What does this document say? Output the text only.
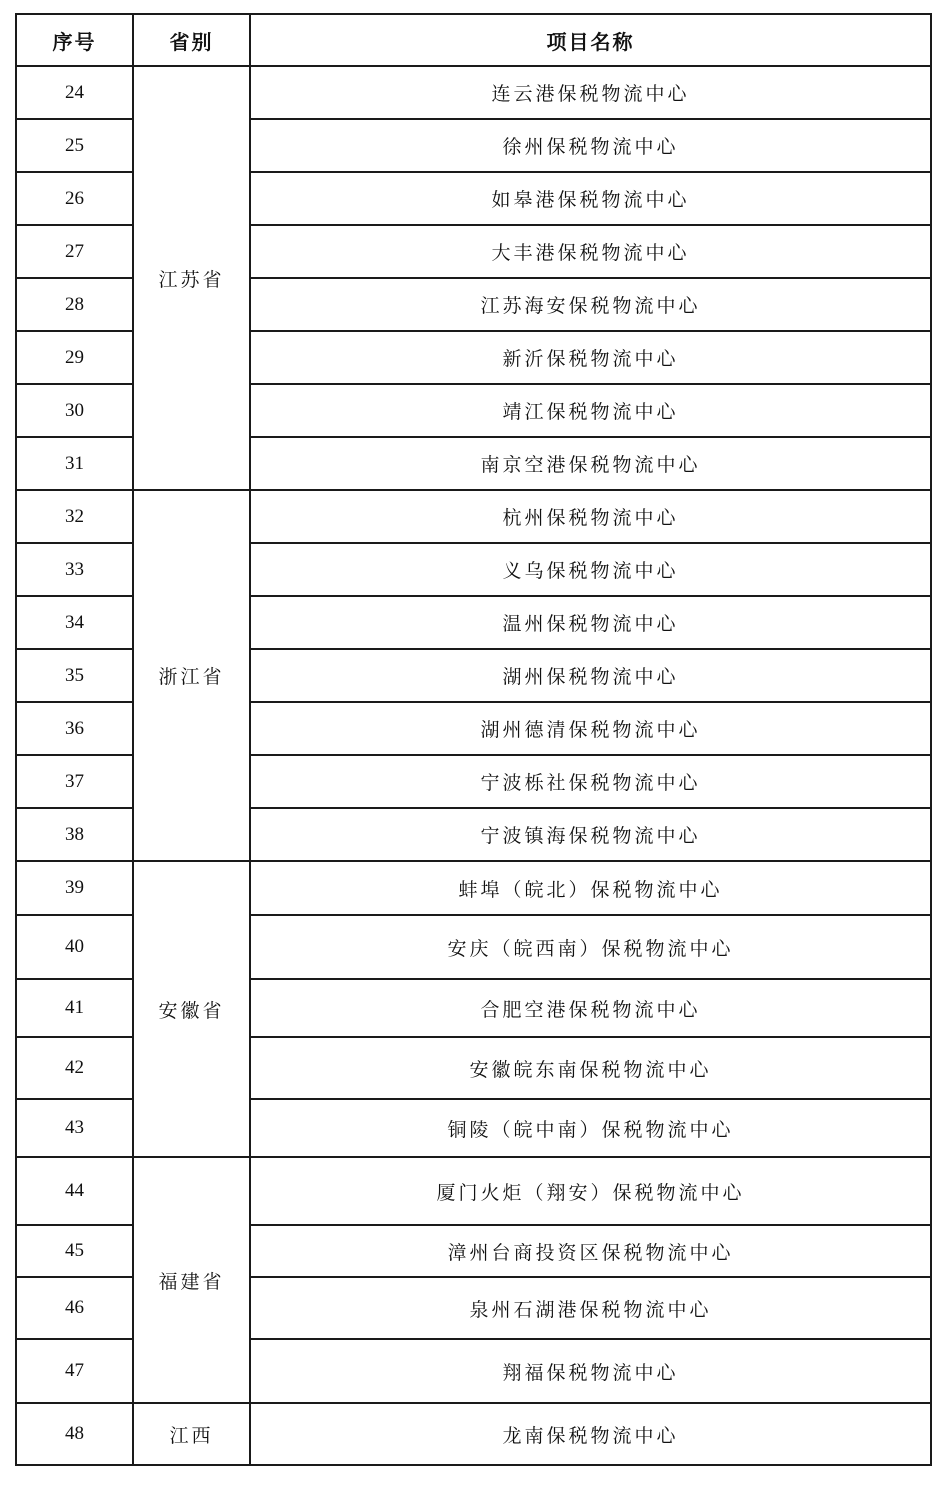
序号	省别	项目名称
24	江苏省	连云港保税物流中心
25		徐州保税物流中心
26		如皋港保税物流中心
27		大丰港保税物流中心
28		江苏海安保税物流中心
29		新沂保税物流中心
30		靖江保税物流中心
31		南京空港保税物流中心
32	浙江省	杭州保税物流中心
33		义乌保税物流中心
34		温州保税物流中心
35		湖州保税物流中心
36		湖州德清保税物流中心
37		宁波栎社保税物流中心
38		宁波镇海保税物流中心
39	安徽省	蚌埠（皖北）保税物流中心
40		安庆（皖西南）保税物流中心
41		合肥空港保税物流中心
42		安徽皖东南保税物流中心
43		铜陵（皖中南）保税物流中心
44	福建省	厦门火炬（翔安）保税物流中心
45		漳州台商投资区保税物流中心
46		泉州石湖港保税物流中心
47		翔福保税物流中心
48	江西	龙南保税物流中心
